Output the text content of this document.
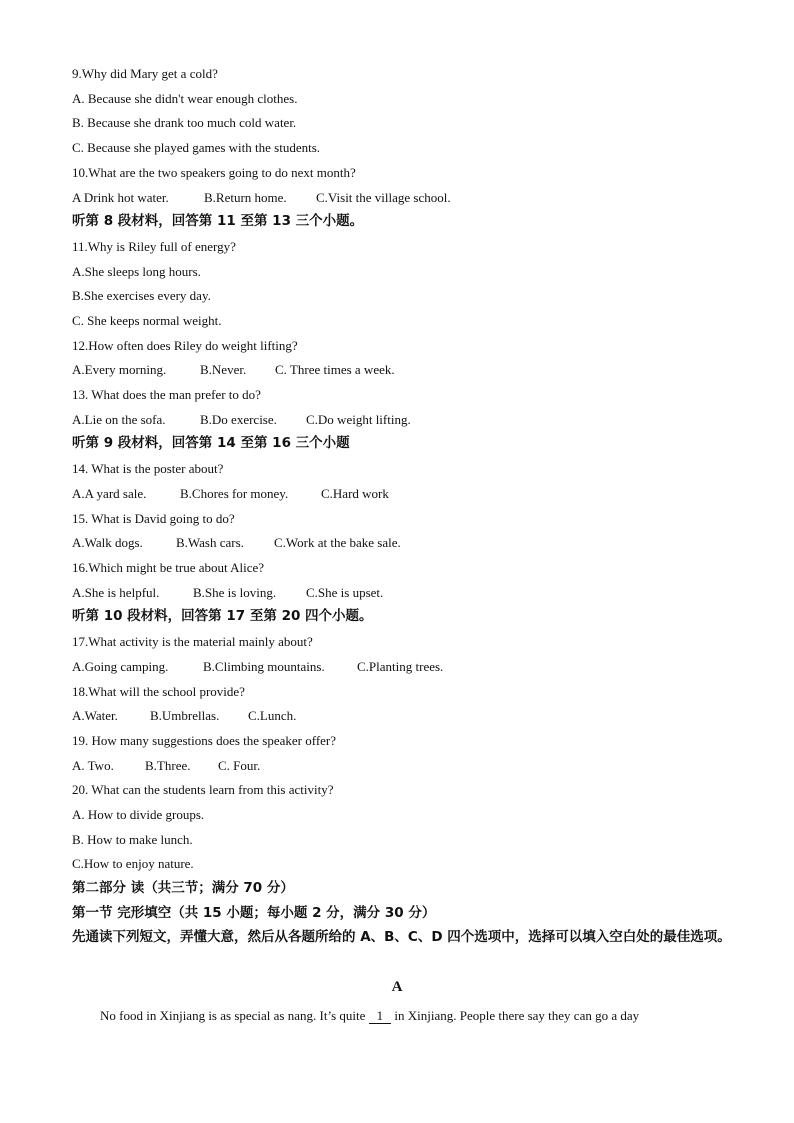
9.Why did Mary get a cold?
A. Because she didn't wear enough clothes.
B. Because she drank too much cold water.
C. Because she played games with the students.
10.What are the two speakers going to do next month?
A Drink hot water.	B.Return home. C.Visit the village school.
听第 8 段材料，回答第 11 至第 13 三个小题。
11.Why is Riley full of energy?
A.She sleeps long hours.
B.She exercises every day.
C. She keeps normal weight.
12.How often does Riley do weight lifting?
A.Every morning.	B.Never. C. Three times a week.
13. What does the man prefer to do?
A.Lie on the sofa.	B.Do exercise. C.Do weight lifting.
听第 9 段材料，回答第 14 至第 16 三个小题
14. What is the poster about?
A.A yard sale.	B.Chores for money.	C.Hard work
15. What is David going to do?
A.Walk dogs.	B.Wash cars. C.Work at the bake sale.
16.Which might be true about Alice?
A.She is helpful.	B.She is loving. C.She is upset.
听第 10 段材料，回答第 17 至第 20 四个小题。
17.What activity is the material mainly about?
A.Going camping.	B.Climbing mountains. C.Planting trees.
18.What will the school provide?
A.Water. B.Umbrellas. C.Lunch.
19. How many suggestions does the speaker offer?
A. Two. B.Three. C. Four.
20. What can the students learn from this activity?
A. How to divide groups.
B. How to make lunch.
C.How to enjoy nature.
第二部分 读（共三节；满分 70 分）
第一节 完形填空（共 15 小题；每小题 2 分，满分 30 分）
先通读下列短文，弄懂大意，然后从各题所给的 A、B、C、D 四个选项中，选择可以填入空白处的最佳选项。
A
No food in Xinjiang is as special as nang. It’s quite 1 in Xinjiang. People there say they can go a day
